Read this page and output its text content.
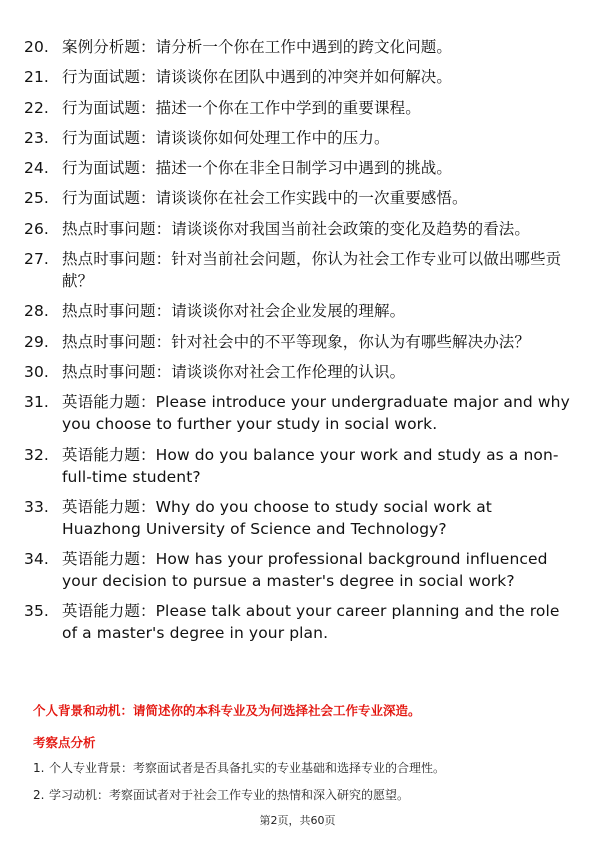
20. 案例分析题：请分析一个你在工作中遇到的跨文化问题。
21. 行为面试题：请谈谈你在团队中遇到的冲突并如何解决。
22. 行为面试题：描述一个你在工作中学到的重要课程。
23. 行为面试题：请谈谈你如何处理工作中的压力。
24. 行为面试题：描述一个你在非全日制学习中遇到的挑战。
25. 行为面试题：请谈谈你在社会工作实践中的一次重要感悟。
26. 热点时事问题：请谈谈你对我国当前社会政策的变化及趋势的看法。
27. 热点时事问题：针对当前社会问题，你认为社会工作专业可以做出哪些贡献？
28. 热点时事问题：请谈谈你对社会企业发展的理解。
29. 热点时事问题：针对社会中的不平等现象，你认为有哪些解决办法？
30. 热点时事问题：请谈谈你对社会工作伦理的认识。
31. 英语能力题：Please introduce your undergraduate major and why you choose to further your study in social work.
32. 英语能力题：How do you balance your work and study as a non-full-time student?
33. 英语能力题：Why do you choose to study social work at Huazhong University of Science and Technology?
34. 英语能力题：How has your professional background influenced your decision to pursue a master's degree in social work?
35. 英语能力题：Please talk about your career planning and the role of a master's degree in your plan.
个人背景和动机：请简述你的本科专业及为何选择社会工作专业深造。
考察点分析
1. 个人专业背景：考察面试者是否具备扎实的专业基础和选择专业的合理性。
2. 学习动机：考察面试者对于社会工作专业的热情和深入研究的愿望。
第2页，共60页
